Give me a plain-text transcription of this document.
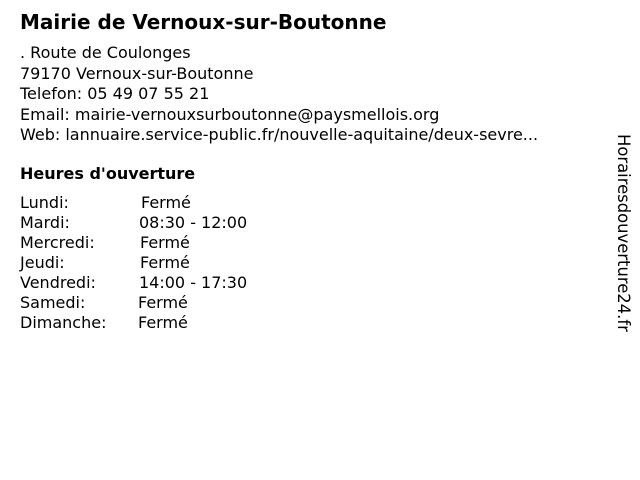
Mairie de Vernoux-sur-Boutonne
. Route de Coulonges
79170 Vernoux-sur-Boutonne
Telefon: 05 49 07 55 21
Email: mairie-vernouxsurboutonne@paysmellois.org
Web: lannuaire.service-public.fr/nouvelle-aquitaine/deux-sevre...
Heures d'ouverture
Lundi:	Fermé
Mardi:	08:30 - 12:00
Mercredi:	Fermé
Jeudi:	Fermé
Vendredi:	14:00 - 17:30
Samedi:	Fermé
Dimanche: Fermé	Horairesdouverture24.fr
